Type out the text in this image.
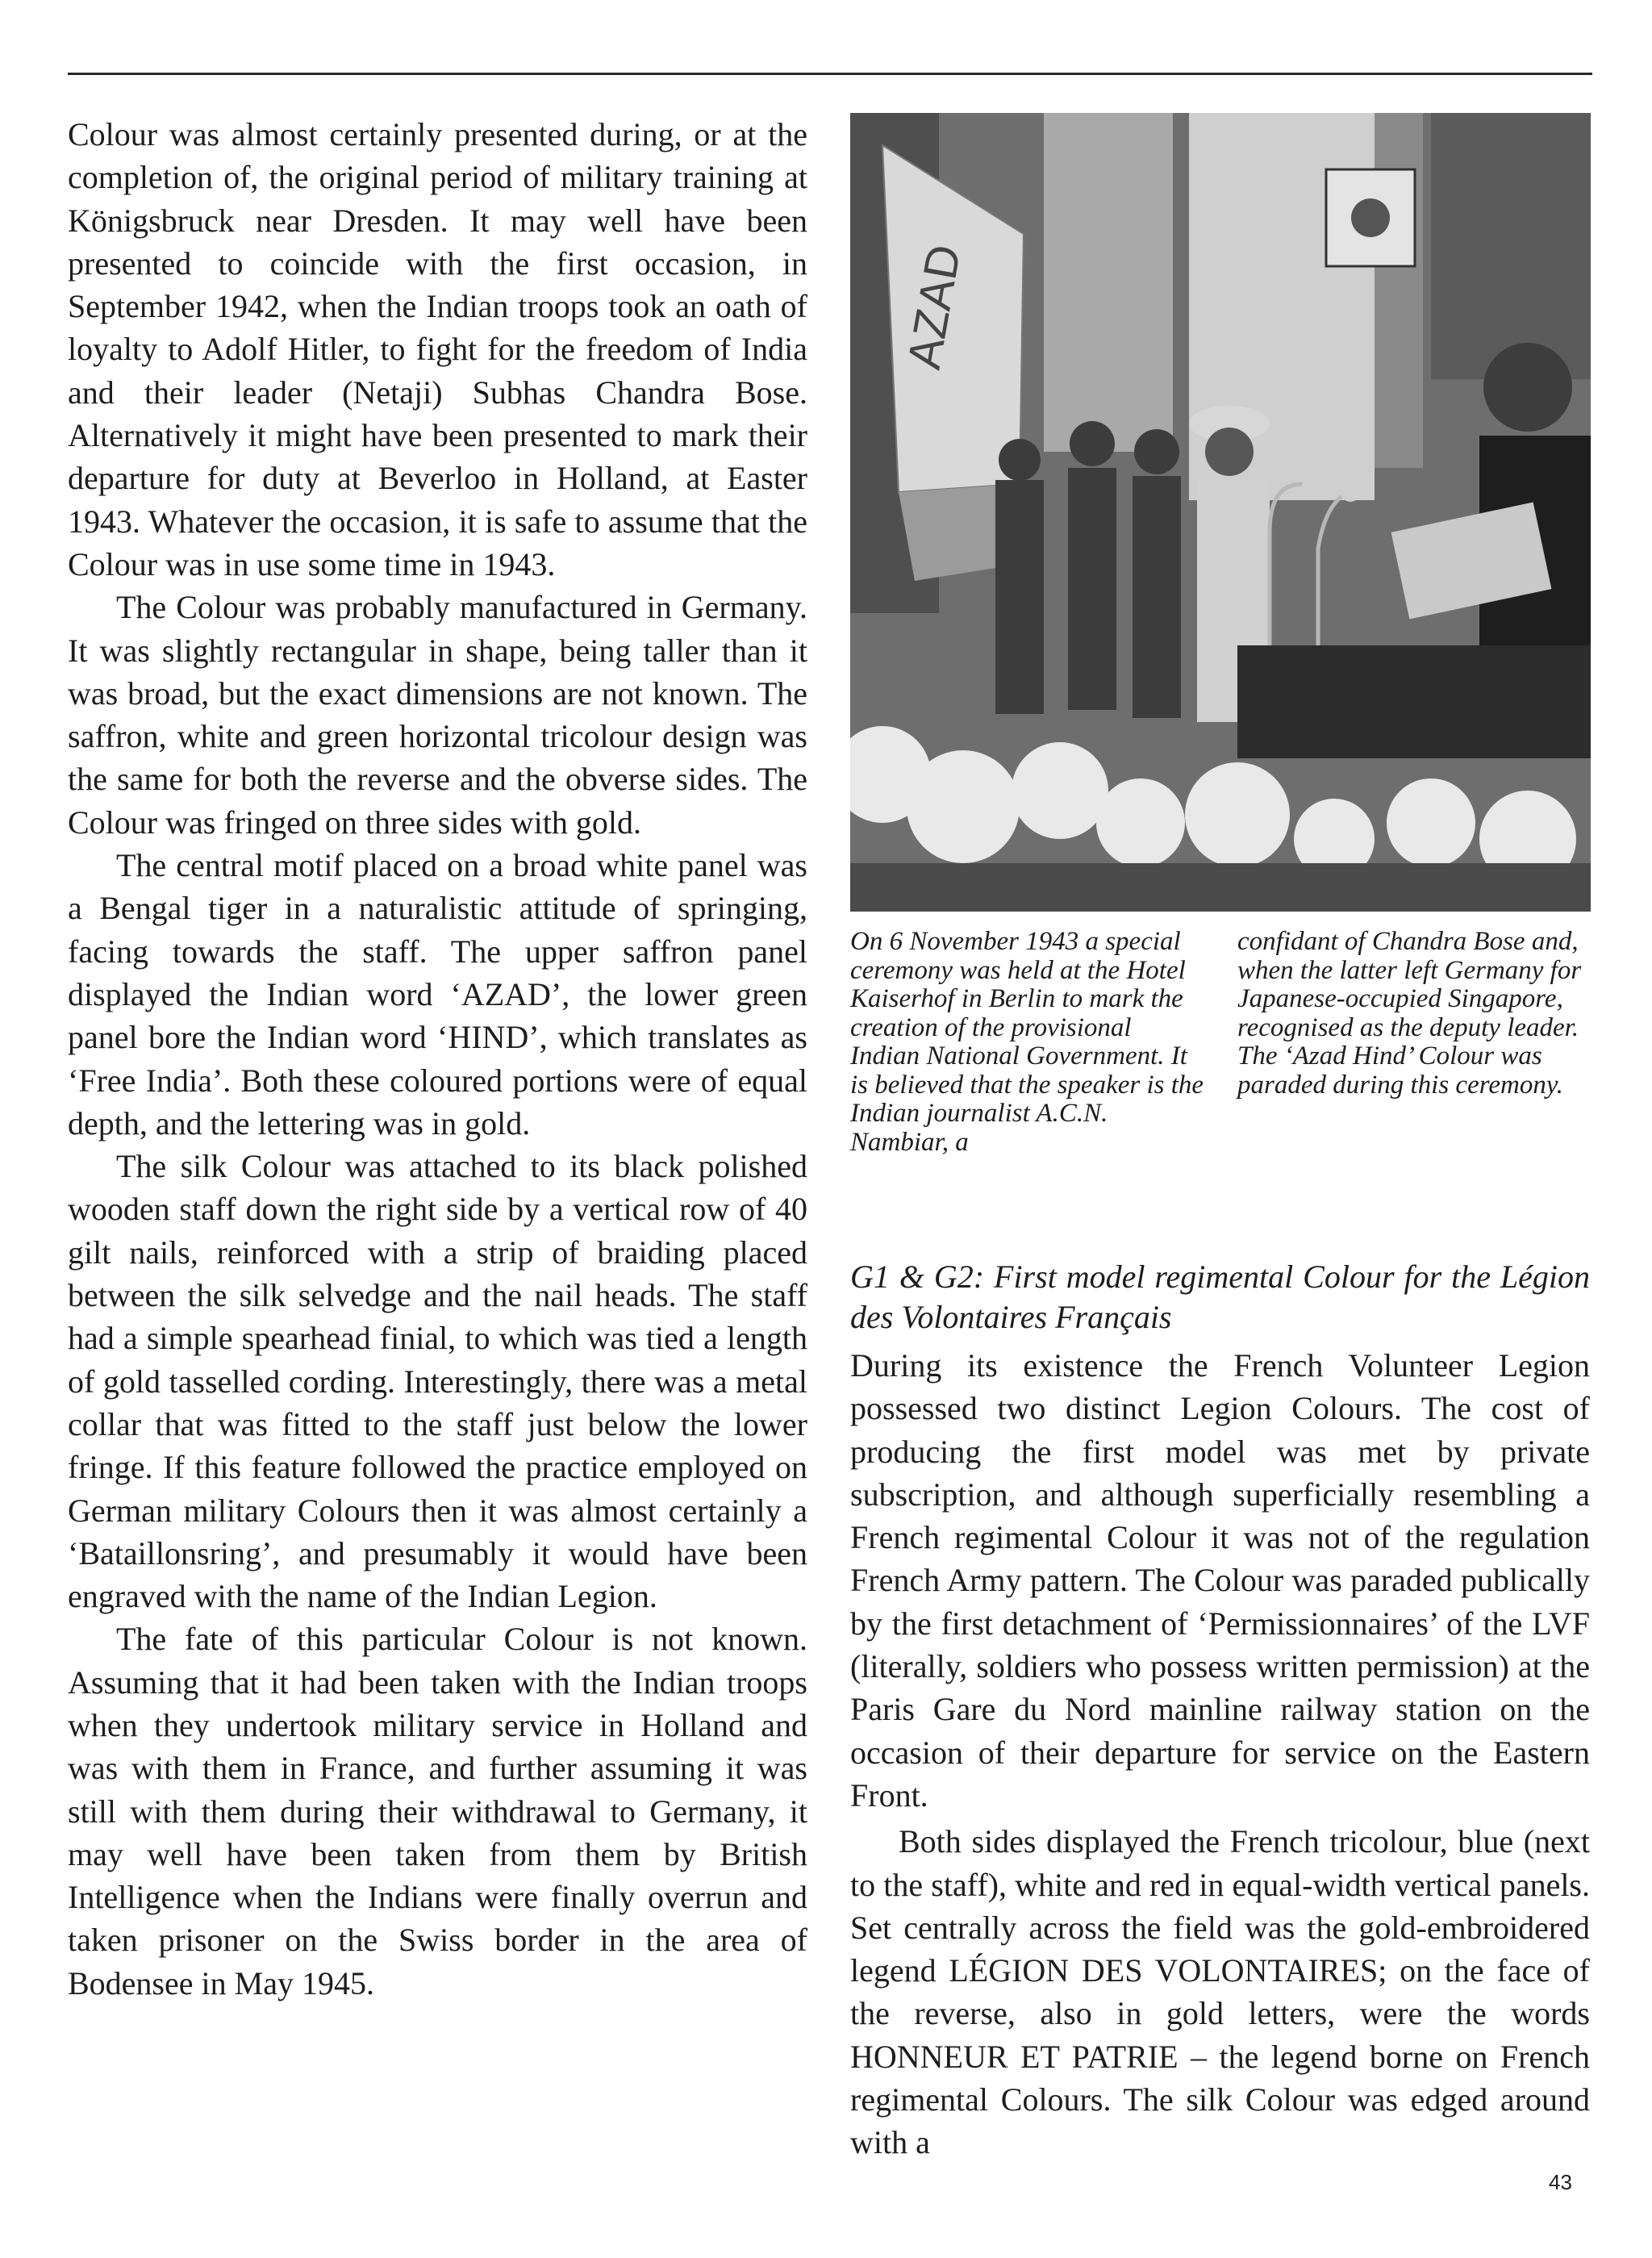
Colour was almost certainly presented during, or at the completion of, the original period of military training at Königsbruck near Dresden. It may well have been presented to coincide with the first occasion, in September 1942, when the Indian troops took an oath of loyalty to Adolf Hitler, to fight for the freedom of India and their leader (Netaji) Subhas Chandra Bose. Alternatively it might have been presented to mark their departure for duty at Beverloo in Holland, at Easter 1943. Whatever the occasion, it is safe to assume that the Colour was in use some time in 1943.

The Colour was probably manufactured in Germany. It was slightly rectangular in shape, being taller than it was broad, but the exact dimensions are not known. The saffron, white and green horizontal tricolour design was the same for both the reverse and the obverse sides. The Colour was fringed on three sides with gold.

The central motif placed on a broad white panel was a Bengal tiger in a naturalistic attitude of springing, facing towards the staff. The upper saffron panel displayed the Indian word ‘AZAD’, the lower green panel bore the Indian word ‘HIND’, which translates as ‘Free India’. Both these coloured portions were of equal depth, and the lettering was in gold.

The silk Colour was attached to its black polished wooden staff down the right side by a vertical row of 40 gilt nails, reinforced with a strip of braiding placed between the silk selvedge and the nail heads. The staff had a simple spearhead finial, to which was tied a length of gold tasselled cording. Interestingly, there was a metal collar that was fitted to the staff just below the lower fringe. If this feature followed the practice employed on German military Colours then it was almost certainly a ‘Bataillonsring’, and presumably it would have been engraved with the name of the Indian Legion.

The fate of this particular Colour is not known. Assuming that it had been taken with the Indian troops when they undertook military service in Holland and was with them in France, and further assuming it was still with them during their withdrawal to Germany, it may well have been taken from them by British Intelligence when the Indians were finally overrun and taken prisoner on the Swiss border in the area of Bodensee in May 1945.

AZAD
On 6 November 1943 a special ceremony was held at the Hotel Kaiserhof in Berlin to mark the creation of the provisional Indian National Government. It is believed that the speaker is the Indian journalist A.C.N. Nambiar, a
confidant of Chandra Bose and, when the latter left Germany for Japanese-occupied Singapore, recognised as the deputy leader. The ‘Azad Hind’ Colour was paraded during this ceremony.

G1 & G2: First model regimental Colour for the Légion des Volontaires Français

During its existence the French Volunteer Legion possessed two distinct Legion Colours. The cost of producing the first model was met by private subscription, and although superficially resembling a French regimental Colour it was not of the regulation French Army pattern. The Colour was paraded publically by the first detachment of ‘Permissionnaires’ of the LVF (literally, soldiers who possess written permission) at the Paris Gare du Nord mainline railway station on the occasion of their departure for service on the Eastern Front.

Both sides displayed the French tricolour, blue (next to the staff), white and red in equal-width vertical panels. Set centrally across the field was the gold-embroidered legend LÉGION DES VOLONTAIRES; on the face of the reverse, also in gold letters, were the words HONNEUR ET PATRIE – the legend borne on French regimental Colours. The silk Colour was edged around with a

43
